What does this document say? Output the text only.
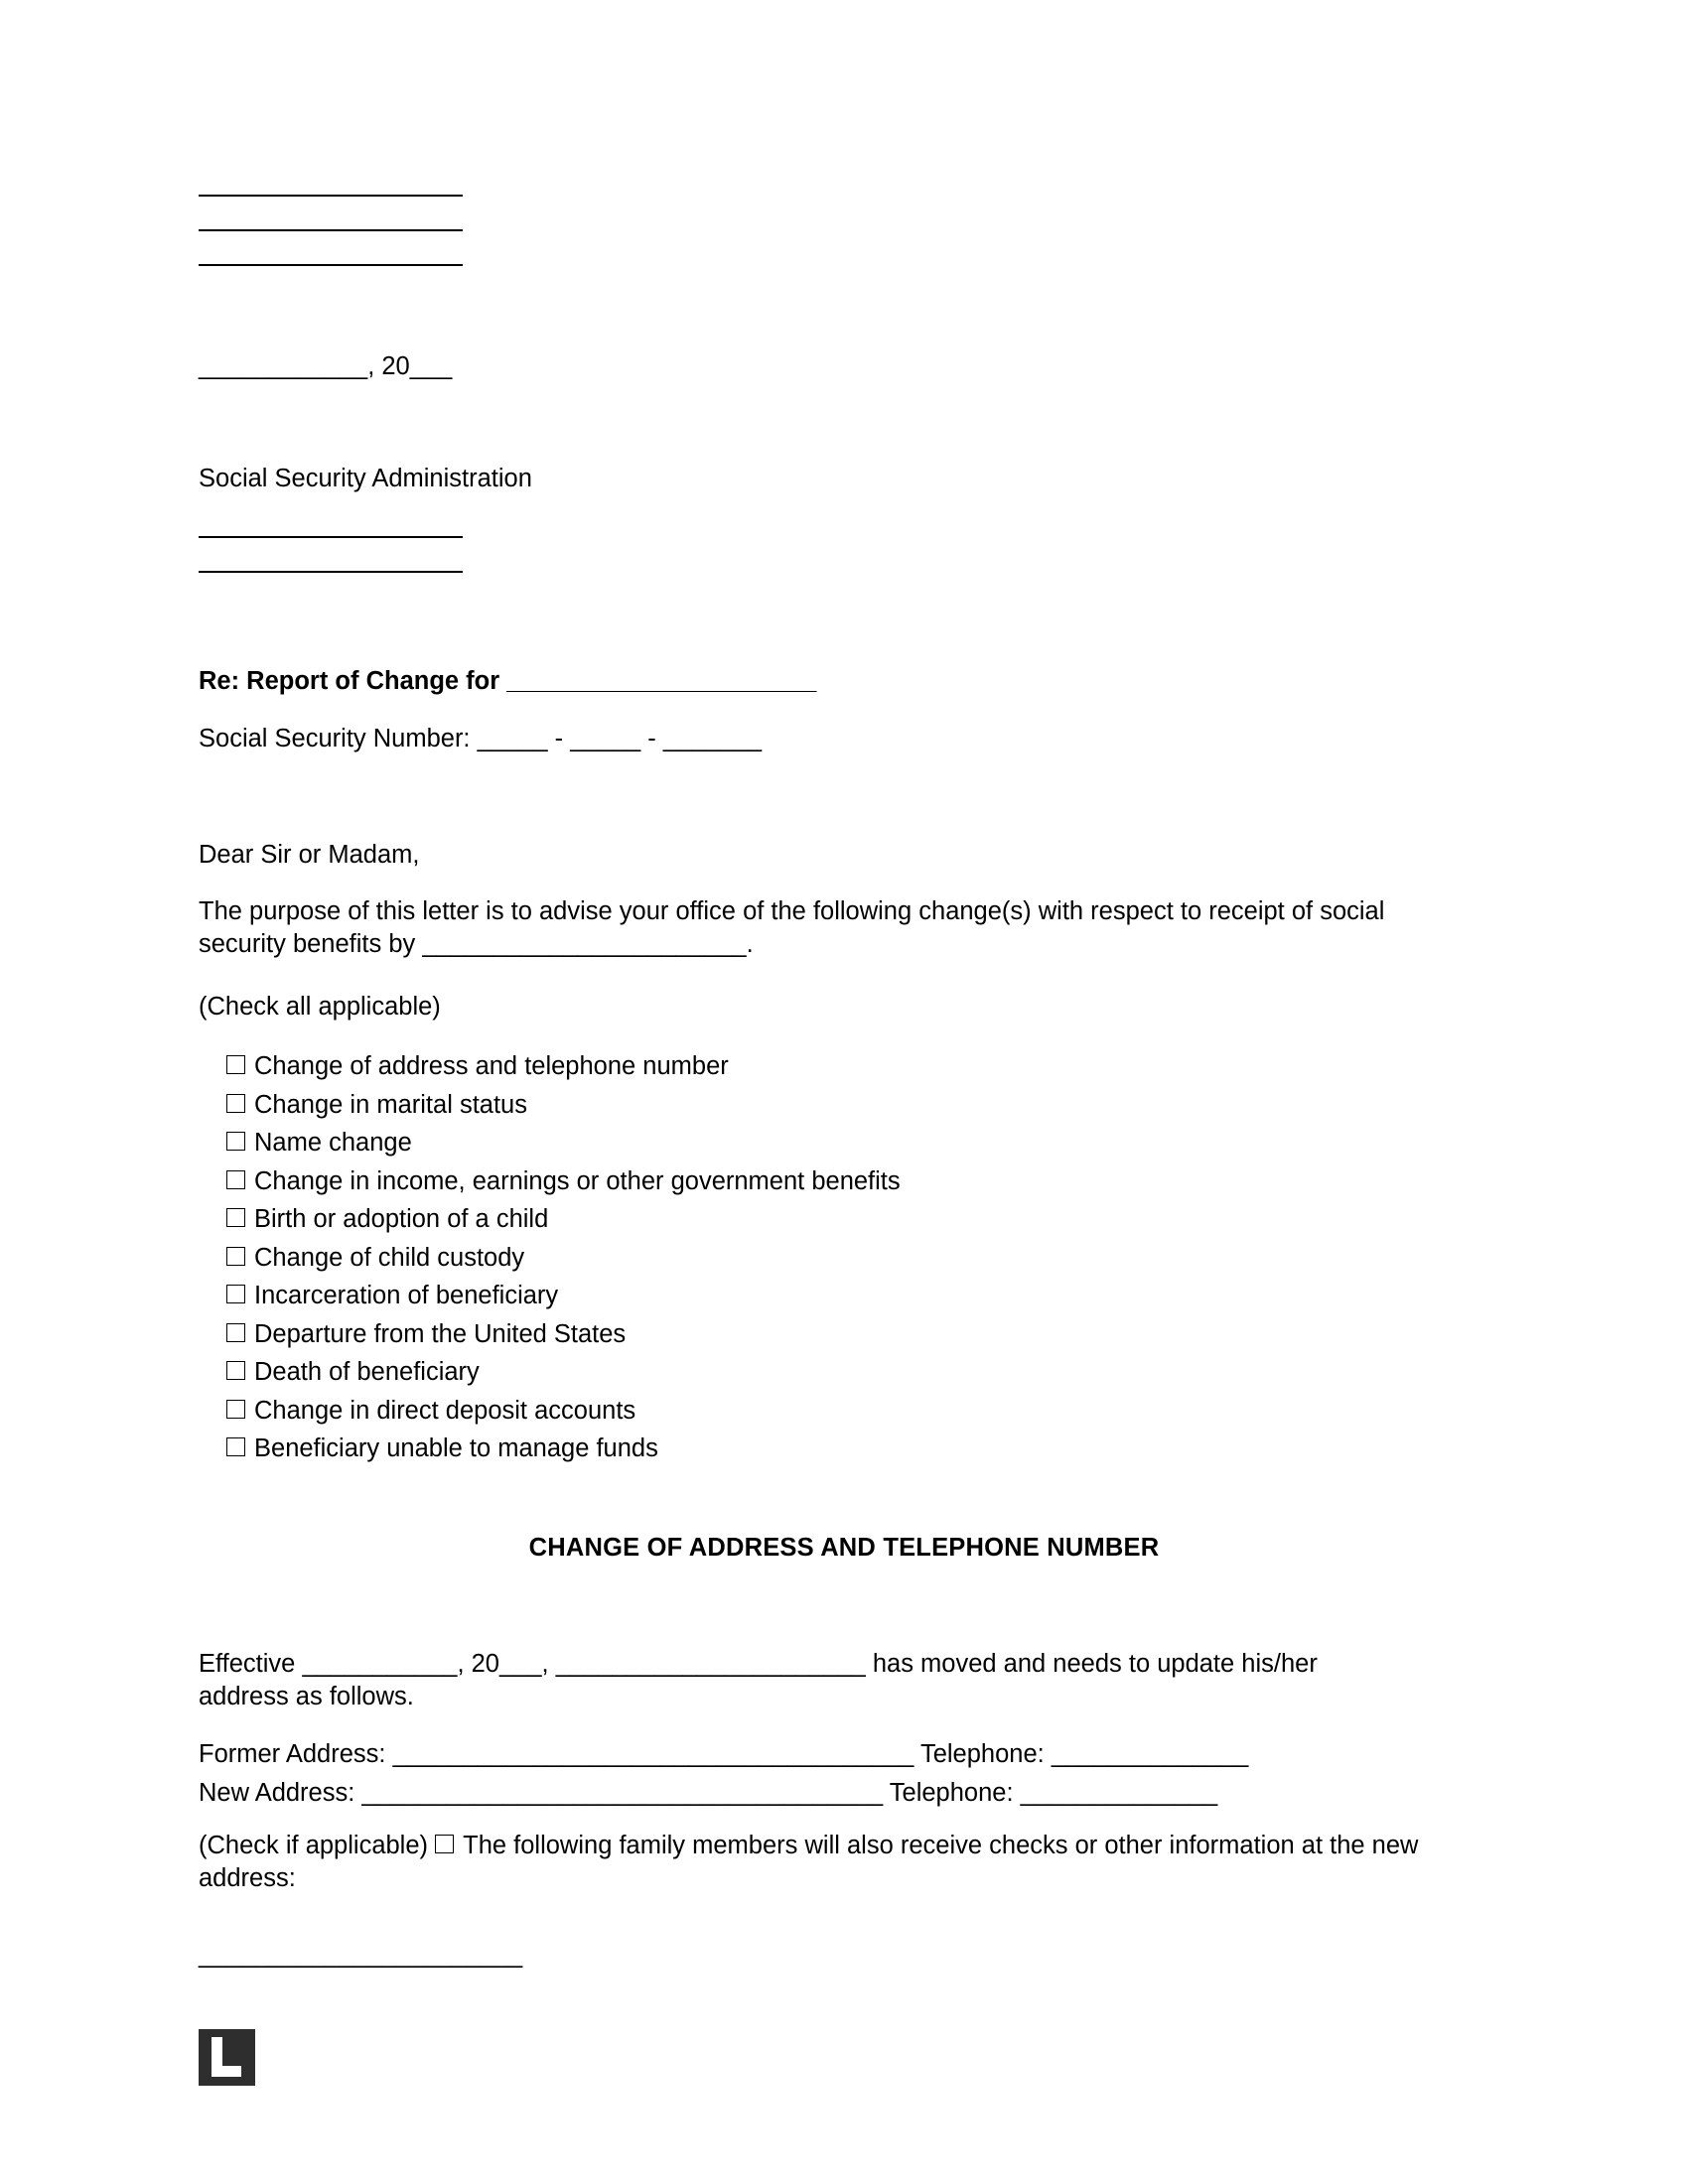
____________, 20___
Social Security Administration

Re: Report of Change for ______________________
Social Security Number: _____ - _____ - _______
Dear Sir or Madam,
The purpose of this letter is to advise your office of the following change(s) with respect to receipt of social security benefits by _______________________.
(Check all applicable)
Change of address and telephone number
Change in marital status
Name change
Change in income, earnings or other government benefits
Birth or adoption of a child
Change of child custody
Incarceration of beneficiary
Departure from the United States
Death of beneficiary
Change in direct deposit accounts
Beneficiary unable to manage funds
CHANGE OF ADDRESS AND TELEPHONE NUMBER
Effective ___________, 20___, ______________________ has moved and needs to update his/her address as follows.
Former Address: _____________________________________ Telephone: ______________
New Address: _____________________________________ Telephone: ______________
(Check if applicable) The following family members will also receive checks or other information at the new address:
_______________________
